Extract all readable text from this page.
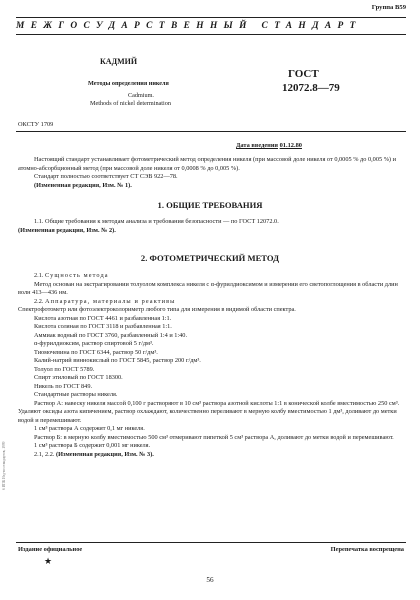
Группа В59
МЕЖГОСУДАРСТВЕННЫЙ СТАНДАРТ
КАДМИЙ
Методы определения никеля
Cadmium.
Methods of nickel determination
ГОСТ
12072.8—79
ОКСТУ 1709
Дата введения 01.12.80

Настоящий стандарт устанавливает фотометрический метод определения никеля (при массовой доле никеля от 0,0005 % до 0,005 %) и атомно-абсорбционный метод (при массовой доле никеля от 0,0008 % до 0,005 %).

Стандарт полностью соответствует СТ СЭВ 922—78.

(Измененная редакция, Изм. № 1).

1. ОБЩИЕ ТРЕБОВАНИЯ

1.1. Общие требования к методам анализа и требования безопасности — по ГОСТ 12072.0.

(Измененная редакция, Изм. № 2).

2. ФОТОМЕТРИЧЕСКИЙ МЕТОД

2.1. Сущность метода

Метод основан на экстрагировании толуолом комплекса никеля с α-фурилдиоксимом и измерении его светопоглощения в области длин волн 413—436 нм.

2.2. Аппаратура, материалы и реактивы

Спектрофотометр или фотоэлектроколориметр любого типа для измерения в видимой области спектра.

Кислота азотная по ГОСТ 4461 и разбавленная 1:1.

Кислота соляная по ГОСТ 3118 и разбавленная 1:1.

Аммиак водный по ГОСТ 3760, разбавленный 1:4 и 1:40.

α-фурилдиоксим, раствор спиртовой 5 г/дм³.

Тиомочевина по ГОСТ 6344, раствор 50 г/дм³.

Калий-натрий виннокислый по ГОСТ 5845, раствор 200 г/дм³.

Толуол по ГОСТ 5789.

Спирт этиловый по ГОСТ 18300.

Никель по ГОСТ 849.

Стандартные растворы никеля.

Раствор А: навеску никеля массой 0,100 г растворяют в 10 см³ раствора азотной кислоты 1:1 в конической колбе вместимостью 250 см³. Удаляют оксиды азота кипячением, раствор охлаждают, количественно переливают в мерную колбу вместимостью 1 дм³, доливают до метки водой и перемешивают.

1 см³ раствора А содержит 0,1 мг никеля.

Раствор Б: в мерную колбу вместимостью 500 см³ отмеривают пипеткой 5 см³ раствора А, доливают до метки водой и перемешивают.

1 см³ раствора Б содержит 0,001 мг никеля.

2.1, 2.2. (Измененная редакция, Изм. № 3).

Издание официальное	Перепечатка воспрещена
★
56
6 ИПК Изд-во стандартов, 1999
